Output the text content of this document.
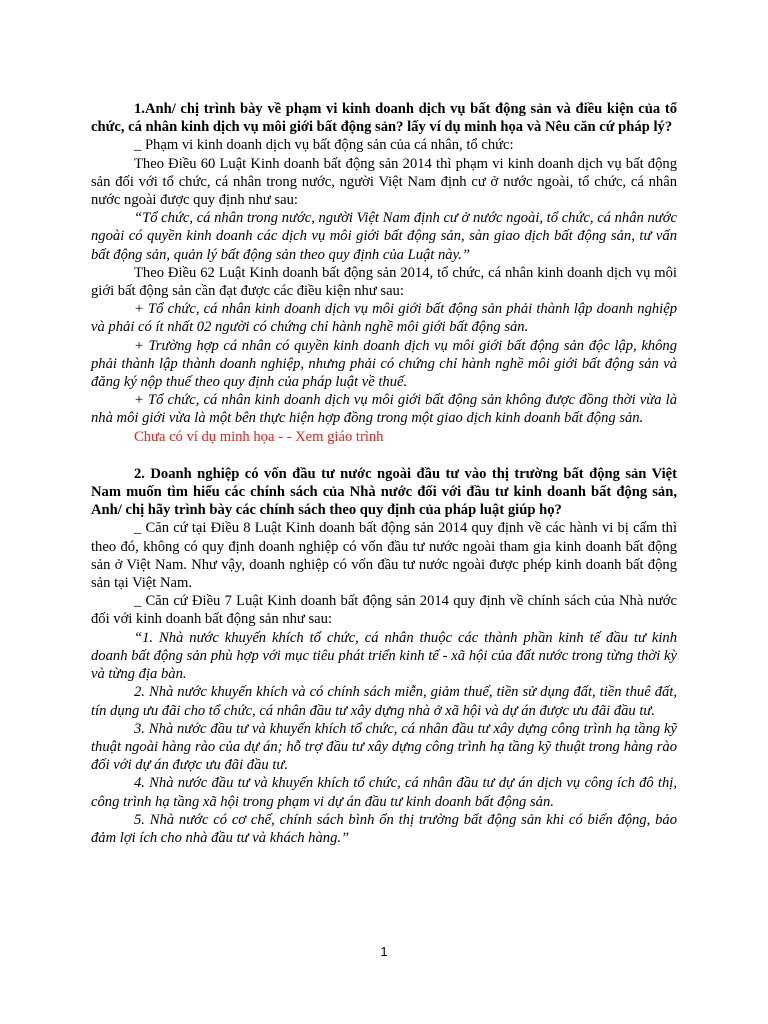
1.Anh/ chị trình bày về phạm vi kinh doanh dịch vụ bất động sản và điều kiện của tổ chức, cá nhân kinh dịch vụ môi giới bất động sản? lấy ví dụ minh họa và Nêu căn cứ pháp lý?

_ Phạm vi kinh doanh dịch vụ bất động sản của cá nhân, tổ chức:

Theo Điều 60 Luật Kinh doanh bất động sản 2014 thì phạm vi kinh doanh dịch vụ bất động sản đối với tổ chức, cá nhân trong nước, người Việt Nam định cư ở nước ngoài, tổ chức, cá nhân nước ngoài được quy định như sau:

“Tổ chức, cá nhân trong nước, người Việt Nam định cư ở nước ngoài, tổ chức, cá nhân nước ngoài có quyền kinh doanh các dịch vụ môi giới bất động sản, sàn giao dịch bất động sản, tư vấn bất động sản, quản lý bất động sản theo quy định của Luật này.”

Theo Điều 62 Luật Kinh doanh bất động sản 2014, tổ chức, cá nhân kinh doanh dịch vụ môi giới bất động sản cần đạt được các điều kiện như sau:

+ Tổ chức, cá nhân kinh doanh dịch vụ môi giới bất động sản phải thành lập doanh nghiệp và phải có ít nhất 02 người có chứng chỉ hành nghề môi giới bất động sản.

+ Trường hợp cá nhân có quyền kinh doanh dịch vụ môi giới bất động sản độc lập, không phải thành lập thành doanh nghiệp, nhưng phải có chứng chỉ hành nghề môi giới bất động sản và đăng ký nộp thuế theo quy định của pháp luật về thuế.

+ Tổ chức, cá nhân kinh doanh dịch vụ môi giới bất động sản không được đồng thời vừa là nhà môi giới vừa là một bên thực hiện hợp đồng trong một giao dịch kinh doanh bất động sản.

Chưa có ví dụ minh họa - - Xem giáo trình

2. Doanh nghiệp có vốn đầu tư nước ngoài đầu tư vào thị trường bất động sản Việt Nam muốn tìm hiểu các chính sách của Nhà nước đối với đầu tư kinh doanh bất động sản, Anh/ chị hãy trình bày các chính sách theo quy định của pháp luật giúp họ?

_ Căn cứ tại Điều 8 Luật Kinh doanh bất động sản 2014 quy định về các hành vi bị cấm thì theo đó, không có quy định doanh nghiệp có vốn đầu tư nước ngoài tham gia kinh doanh bất động sản ở Việt Nam. Như vậy, doanh nghiệp có vốn đầu tư nước ngoài được phép kinh doanh bất động sản tại Việt Nam.

_ Căn cứ Điều 7 Luật Kinh doanh bất động sản 2014 quy định về chính sách của Nhà nước đối với kinh doanh bất động sản như sau:

“1. Nhà nước khuyến khích tổ chức, cá nhân thuộc các thành phần kinh tế đầu tư kinh doanh bất động sản phù hợp với mục tiêu phát triển kinh tế - xã hội của đất nước trong từng thời kỳ và từng địa bàn.

2. Nhà nước khuyến khích và có chính sách miễn, giảm thuế, tiền sử dụng đất, tiền thuê đất, tín dụng ưu đãi cho tổ chức, cá nhân đầu tư xây dựng nhà ở xã hội và dự án được ưu đãi đầu tư.

3. Nhà nước đầu tư và khuyến khích tổ chức, cá nhân đầu tư xây dựng công trình hạ tầng kỹ thuật ngoài hàng rào của dự án; hỗ trợ đầu tư xây dựng công trình hạ tầng kỹ thuật trong hàng rào đối với dự án được ưu đãi đầu tư.

4. Nhà nước đầu tư và khuyến khích tổ chức, cá nhân đầu tư dự án dịch vụ công ích đô thị, công trình hạ tầng xã hội trong phạm vi dự án đầu tư kinh doanh bất động sản.

5. Nhà nước có cơ chế, chính sách bình ổn thị trường bất động sản khi có biến động, bảo đảm lợi ích cho nhà đầu tư và khách hàng.”

1
